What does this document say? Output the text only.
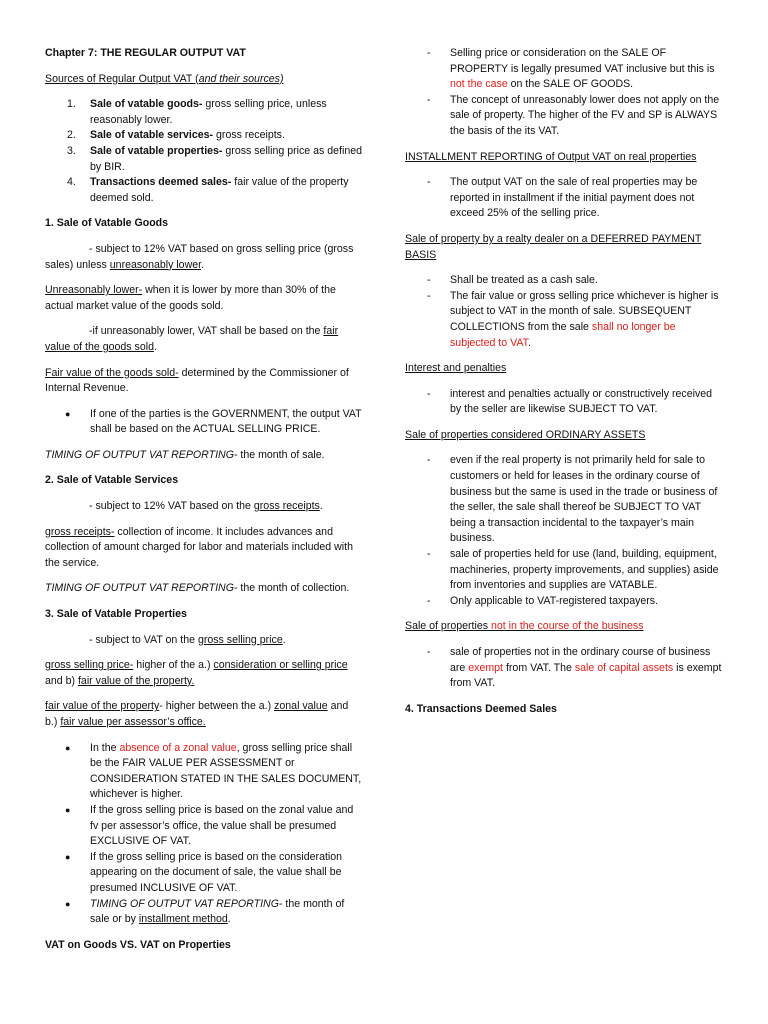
Chapter 7: THE REGULAR OUTPUT VAT

Sources of Regular Output VAT (and their sources)

1. Sale of vatable goods- gross selling price, unless reasonably lower.
2. Sale of vatable services- gross receipts.
3. Sale of vatable properties- gross selling price as defined by BIR.
4. Transactions deemed sales- fair value of the property deemed sold.

1. Sale of Vatable Goods

- subject to 12% VAT based on gross selling price (gross sales) unless unreasonably lower.

Unreasonably lower- when it is lower by more than 30% of the actual market value of the goods sold.

-if unreasonably lower, VAT shall be based on the fair value of the goods sold.

Fair value of the goods sold- determined by the Commissioner of Internal Revenue.

● If one of the parties is the GOVERNMENT, the output VAT shall be based on the ACTUAL SELLING PRICE.

TIMING OF OUTPUT VAT REPORTING- the month of sale.

2. Sale of Vatable Services

- subject to 12% VAT based on the gross receipts.

gross receipts- collection of income. It includes advances and collection of amount charged for labor and materials included with the service.

TIMING OF OUTPUT VAT REPORTING- the month of collection.

3. Sale of Vatable Properties

- subject to VAT on the gross selling price.

gross selling price- higher of the a.) consideration or selling price and b) fair value of the property.

fair value of the property- higher between the a.) zonal value and b.) fair value per assessor’s office.

● In the absence of a zonal value, gross selling price shall be the FAIR VALUE PER ASSESSMENT or CONSIDERATION STATED IN THE SALES DOCUMENT, whichever is higher.
● If the gross selling price is based on the zonal value and fv per assessor’s office, the value shall be presumed EXCLUSIVE OF VAT.
● If the gross selling price is based on the consideration appearing on the document of sale, the value shall be presumed INCLUSIVE OF VAT.
● TIMING OF OUTPUT VAT REPORTING- the month of sale or by installment method.

VAT on Goods VS. VAT on Properties

- Selling price or consideration on the SALE OF PROPERTY is legally presumed VAT inclusive but this is not the case on the SALE OF GOODS.
- The concept of unreasonably lower does not apply on the sale of property. The higher of the FV and SP is ALWAYS the basis of the its VAT.

INSTALLMENT REPORTING of Output VAT on real properties

- The output VAT on the sale of real properties may be reported in installment if the initial payment does not exceed 25% of the selling price.

Sale of property by a realty dealer on a DEFERRED PAYMENT BASIS

- Shall be treated as a cash sale.
- The fair value or gross selling price whichever is higher is subject to VAT in the month of sale. SUBSEQUENT COLLECTIONS from the sale shall no longer be subjected to VAT.

Interest and penalties

- interest and penalties actually or constructively received by the seller are likewise SUBJECT TO VAT.

Sale of properties considered ORDINARY ASSETS

- even if the real property is not primarily held for sale to customers or held for leases in the ordinary course of business but the same is used in the trade or business of the seller, the sale shall thereof be SUBJECT TO VAT being a transaction incidental to the taxpayer’s main business.
- sale of properties held for use (land, building, equipment, machineries, property improvements, and supplies) aside from inventories and supplies are VATABLE.
- Only applicable to VAT-registered taxpayers.

Sale of properties not in the course of the business

- sale of properties not in the ordinary course of business are exempt from VAT. The sale of capital assets is exempt from VAT.

4. Transactions Deemed Sales
